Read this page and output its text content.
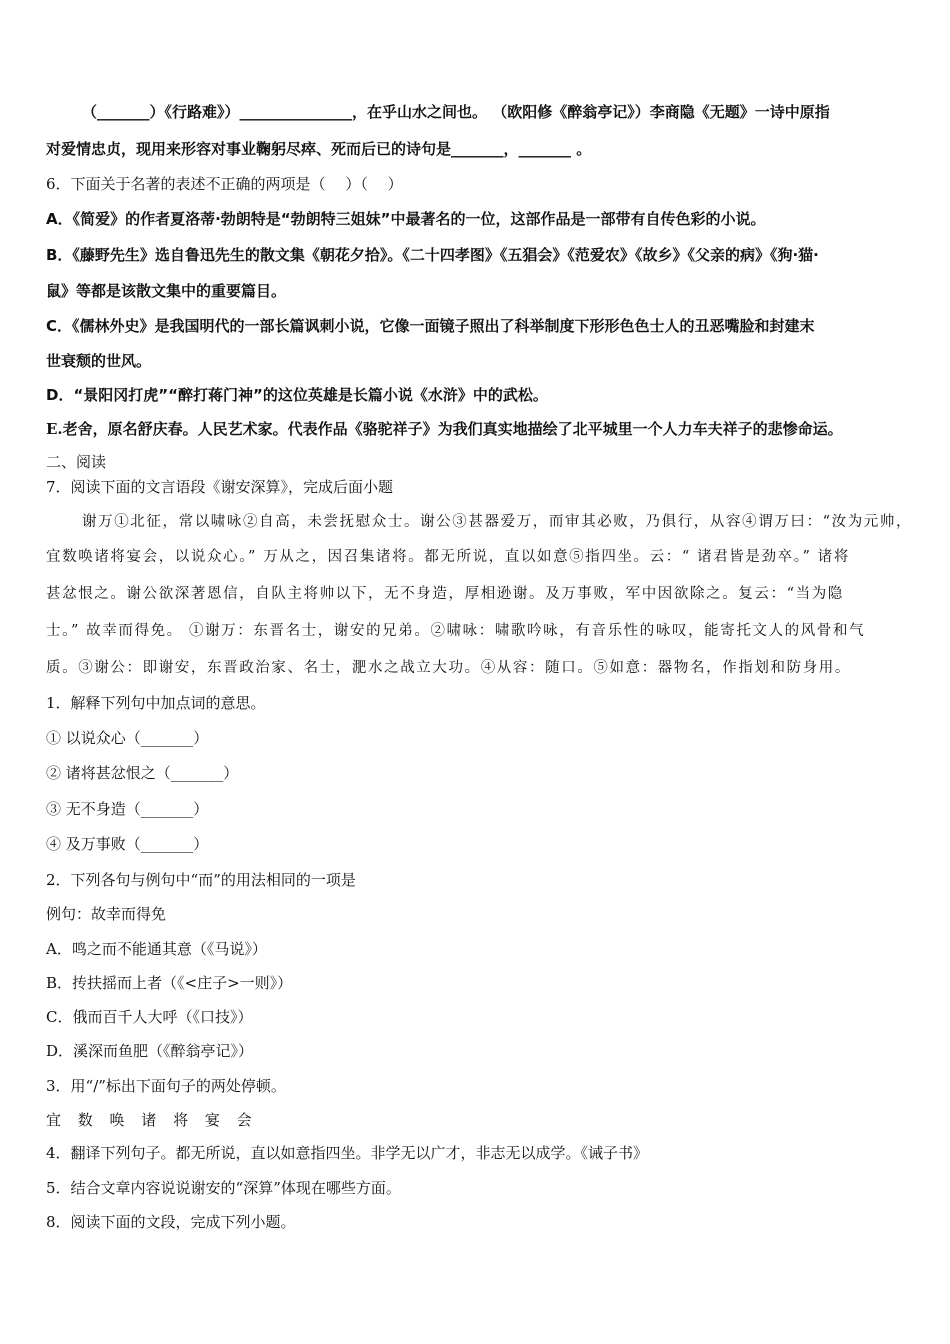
（_______）《行路难》）_______________，在乎山水之间也。 （欧阳修《醉翁亭记》）李商隐《无题》一诗中原指
对爱情忠贞，现用来形容对事业鞠躬尽瘁、死而后已的诗句是_______，_______ 。
6．下面关于名著的表述不正确的两项是（　 ）（　 ）
A．《简爱》的作者夏洛蒂·勃朗特是“勃朗特三姐妹”中最著名的一位，这部作品是一部带有自传色彩的小说。
B．《藤野先生》选自鲁迅先生的散文集《朝花夕拾》。《二十四孝图》《五猖会》《范爱农》《故乡》《父亲的病》《狗·猫·
鼠》等都是该散文集中的重要篇目。
C．《儒林外史》是我国明代的一部长篇讽刺小说，它像一面镜子照出了科举制度下形形色色士人的丑恶嘴脸和封建末
世衰颓的世风。
D．“景阳冈打虎”“醉打蒋门神”的这位英雄是长篇小说《水浒》中的武松。
E.老舍，原名舒庆春。人民艺术家。代表作品《骆驼祥子》为我们真实地描绘了北平城里一个人力车夫祥子的悲惨命运。
二、阅读
7．阅读下面的文言语段《谢安深算》，完成后面小题
谢万①北征，常以啸咏②自高，未尝抚慰众士。谢公③甚器爱万，而审其必败，乃俱行，从容④谓万曰：“汝为元帅，
宜数唤诸将宴会，以说众心。” 万从之，因召集诸将。都无所说，直以如意⑤指四坐。云：“ 诸君皆是劲卒。” 诸将
甚忿恨之。谢公欲深著恩信，自队主将帅以下，无不身造，厚相逊谢。及万事败，军中因欲除之。复云：“当为隐
士。” 故幸而得免。 ①谢万：东晋名士，谢安的兄弟。②啸咏：啸歌吟咏，有音乐性的咏叹，能寄托文人的风骨和气
质。③谢公：即谢安，东晋政治家、名士，淝水之战立大功。④从容：随口。⑤如意：器物名，作指划和防身用。
1．解释下列句中加点词的意思。
① 以说众心（_______）
② 诸将甚忿恨之（_______）
③ 无不身造（_______）
④ 及万事败（_______）
2．下列各句与例句中“而”的用法相同的一项是
例句：故幸而得免
A．鸣之而不能通其意（《马说》）
B．抟扶摇而上者（《<庄子>一则》）
C．俄而百千人大呼（《口技》）
D．溪深而鱼肥（《醉翁亭记》）
3．用“/”标出下面句子的两处停顿。
宜 数 唤 诸 将 宴 会
4．翻译下列句子。都无所说，直以如意指四坐。非学无以广才，非志无以成学。《诫子书》
5．结合文章内容说说谢安的“深算”体现在哪些方面。
8．阅读下面的文段，完成下列小题。
